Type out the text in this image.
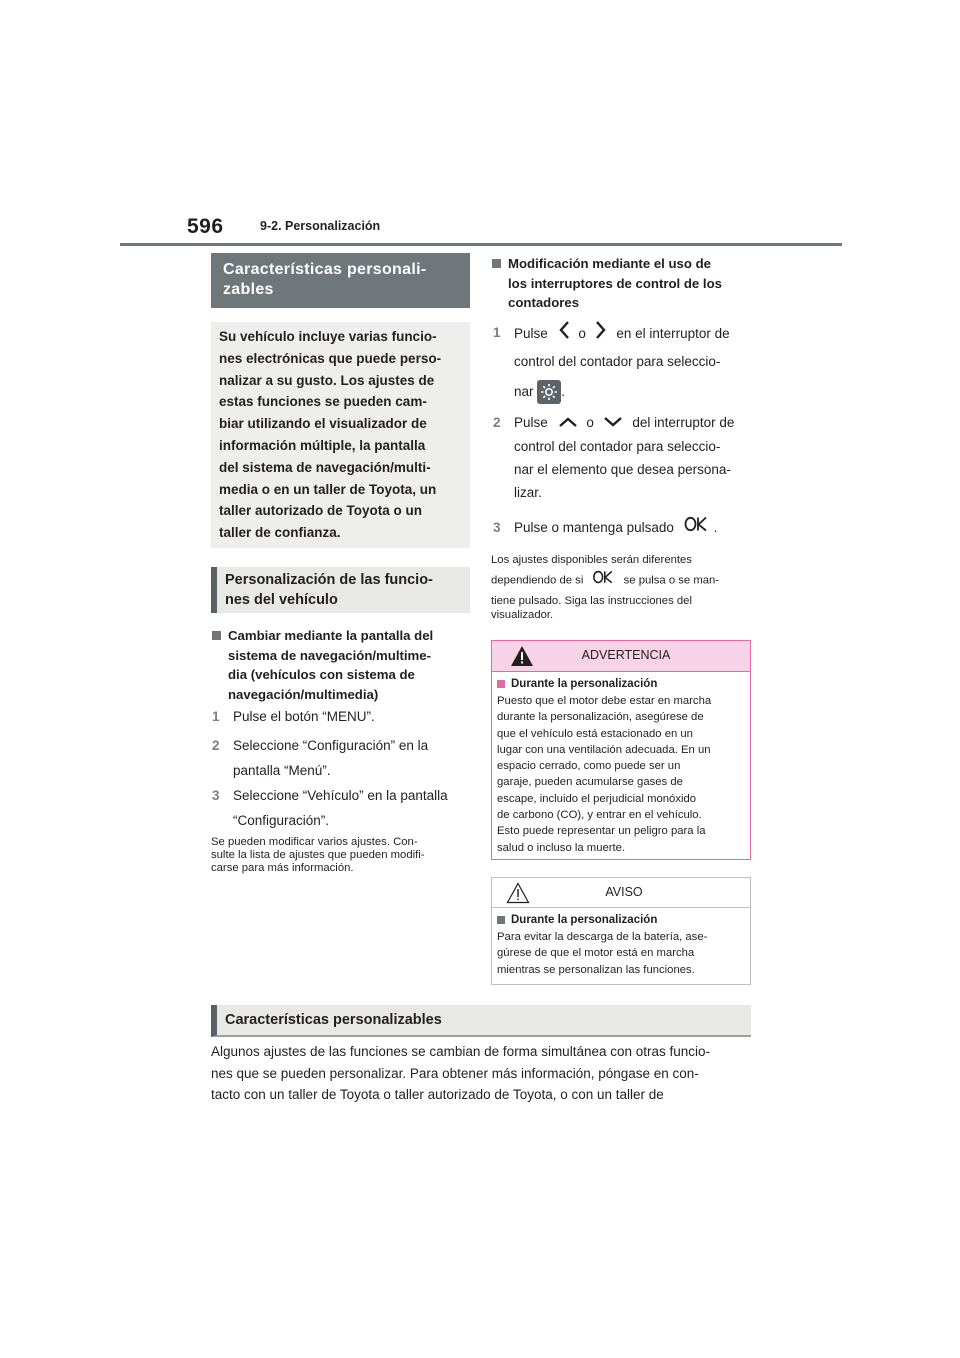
596	9-2. Personalización
Características personali-
zables
Su vehículo incluye varias funcio-
nes electrónicas que puede perso-
nalizar a su gusto. Los ajustes de
estas funciones se pueden cam-
biar utilizando el visualizador de
información múltiple, la pantalla
del sistema de navegación/multi-
media o en un taller de Toyota, un
taller autorizado de Toyota o un
taller de confianza.
Personalización de las funcio-
nes del vehículo
Cambiar mediante la pantalla del
sistema de navegación/multime-
dia (vehículos con sistema de
navegación/multimedia)
1 Pulse el botón “MENU”.
2 Seleccione “Configuración” en la
pantalla “Menú”.
3 Seleccione “Vehículo” en la pantalla
“Configuración”.
Se pueden modificar varios ajustes. Con-
sulte la lista de ajustes que pueden modifi-
carse para más información.
Modificación mediante el uso de
los interruptores de control de los
contadores
1 Pulse o en el interruptor de
control del contador para seleccio-
nar .
2 Pulse	o	del interruptor de
control del contador para seleccio-
nar el elemento que desea persona-
lizar.
3 Pulse o mantenga pulsado	.
Los ajustes disponibles serán diferentes
dependiendo de si	se pulsa o se man-
tiene pulsado. Siga las instrucciones del
visualizador.
ADVERTENCIA
Durante la personalización
Puesto que el motor debe estar en marcha
durante la personalización, asegúrese de
que el vehículo está estacionado en un
lugar con una ventilación adecuada. En un
espacio cerrado, como puede ser un
garaje, pueden acumularse gases de
escape, incluido el perjudicial monóxido
de carbono (CO), y entrar en el vehículo.
Esto puede representar un peligro para la
salud o incluso la muerte.
AVISO
Durante la personalización
Para evitar la descarga de la batería, ase-
gúrese de que el motor está en marcha
mientras se personalizan las funciones.
Características personalizables
Algunos ajustes de las funciones se cambian de forma simultánea con otras funcio-
nes que se pueden personalizar. Para obtener más información, póngase en con-
tacto con un taller de Toyota o taller autorizado de Toyota, o con un taller de
